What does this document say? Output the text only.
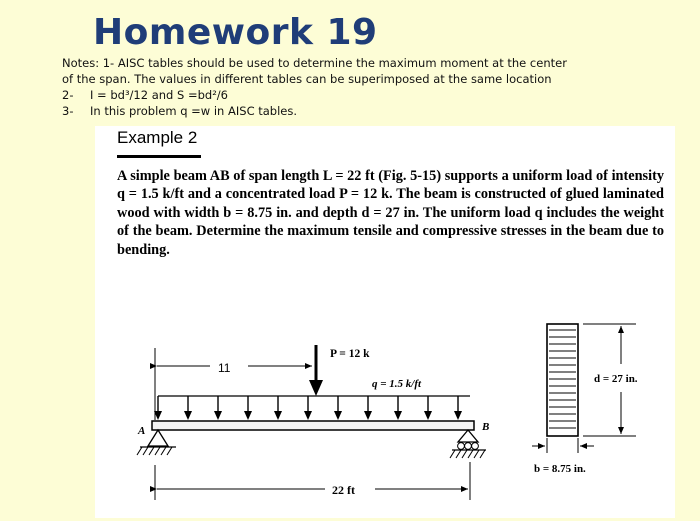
Homework 19
Notes: 1- AISC tables should be used to determine the maximum moment at the center
of the span. The values in different tables can be superimposed at the same location
2- I = bd³/12 and S =bd²/6
3- In this problem q =w in AISC tables.
Example 2
A simple beam AB of span length L = 22 ft (Fig. 5-15) supports a uniform load of intensity q = 1.5 k/ft and a concentrated load P = 12 k. The beam is constructed of glued laminated wood with width b = 8.75 in. and depth d = 27 in. The uniform load q includes the weight of the beam. Determine the maximum tensile and compressive stresses in the beam due to bending.
11
P = 12 k
q = 1.5 k/ft
A	B
22 ft
d = 27 in.
b = 8.75 in.
